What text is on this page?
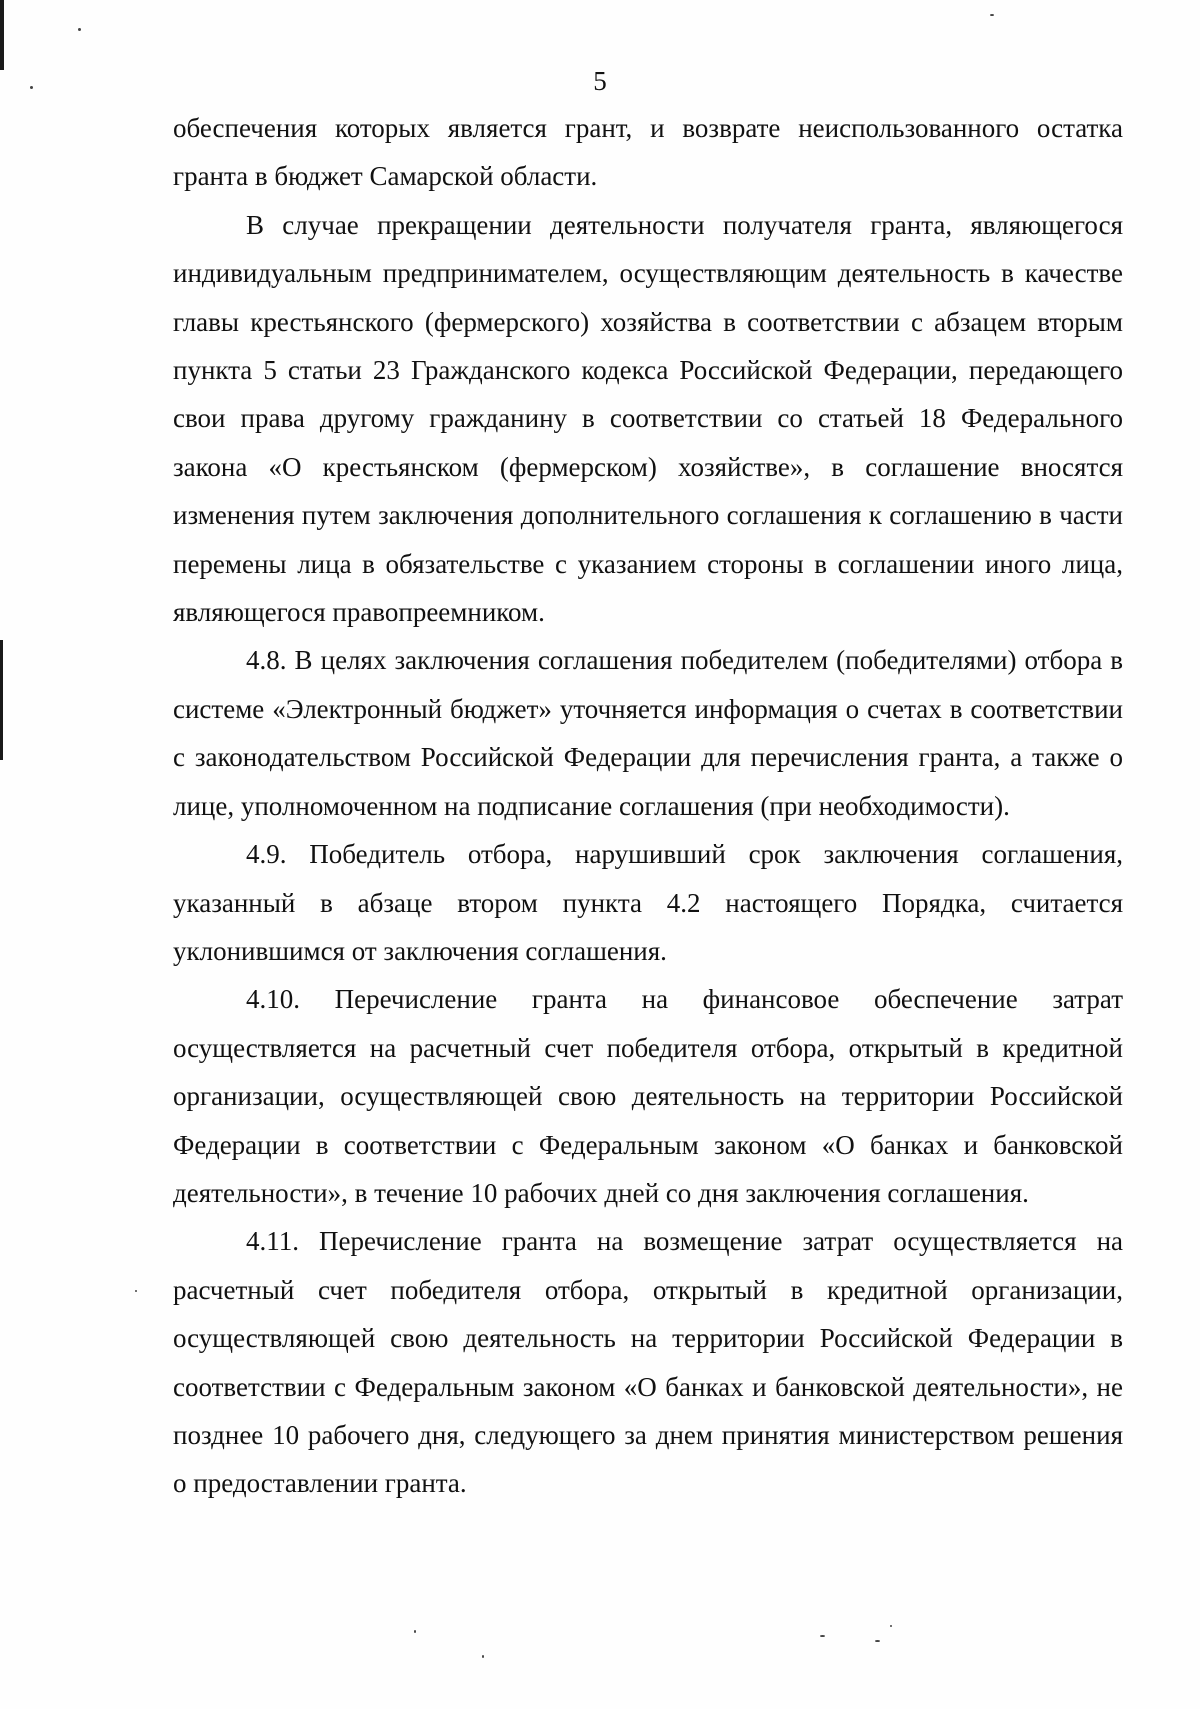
5

обеспечения которых является грант, и возврате неиспользованного остатка гранта в бюджет Самарской области.

В случае прекращении деятельности получателя гранта, являющегося индивидуальным предпринимателем, осуществляющим деятельность в качестве главы крестьянского (фермерского) хозяйства в соответствии с абзацем вторым пункта 5 статьи 23 Гражданского кодекса Российской Федерации, передающего свои права другому гражданину в соответствии со статьей 18 Федерального закона «О крестьянском (фермерском) хозяйстве», в соглашение вносятся изменения путем заключения дополнительного соглашения к соглашению в части перемены лица в обязательстве с указанием стороны в соглашении иного лица, являющегося правопреемником.

4.8. В целях заключения соглашения победителем (победителями) отбора в системе «Электронный бюджет» уточняется информация о счетах в соответствии с законодательством Российской Федерации для перечисления гранта, а также о лице, уполномоченном на подписание соглашения (при необходимости).

4.9. Победитель отбора, нарушивший срок заключения соглашения, указанный в абзаце втором пункта 4.2 настоящего Порядка, считается уклонившимся от заключения соглашения.

4.10. Перечисление гранта на финансовое обеспечение затрат осуществляется на расчетный счет победителя отбора, открытый в кредитной организации, осуществляющей свою деятельность на территории Российской Федерации в соответствии с Федеральным законом «О банках и банковской деятельности», в течение 10 рабочих дней со дня заключения соглашения.

4.11. Перечисление гранта на возмещение затрат осуществляется на расчетный счет победителя отбора, открытый в кредитной организации, осуществляющей свою деятельность на территории Российской Федерации в соответствии с Федеральным законом «О банках и банковской деятельности», не позднее 10 рабочего дня, следующего за днем принятия министерством решения о предоставлении гранта.
